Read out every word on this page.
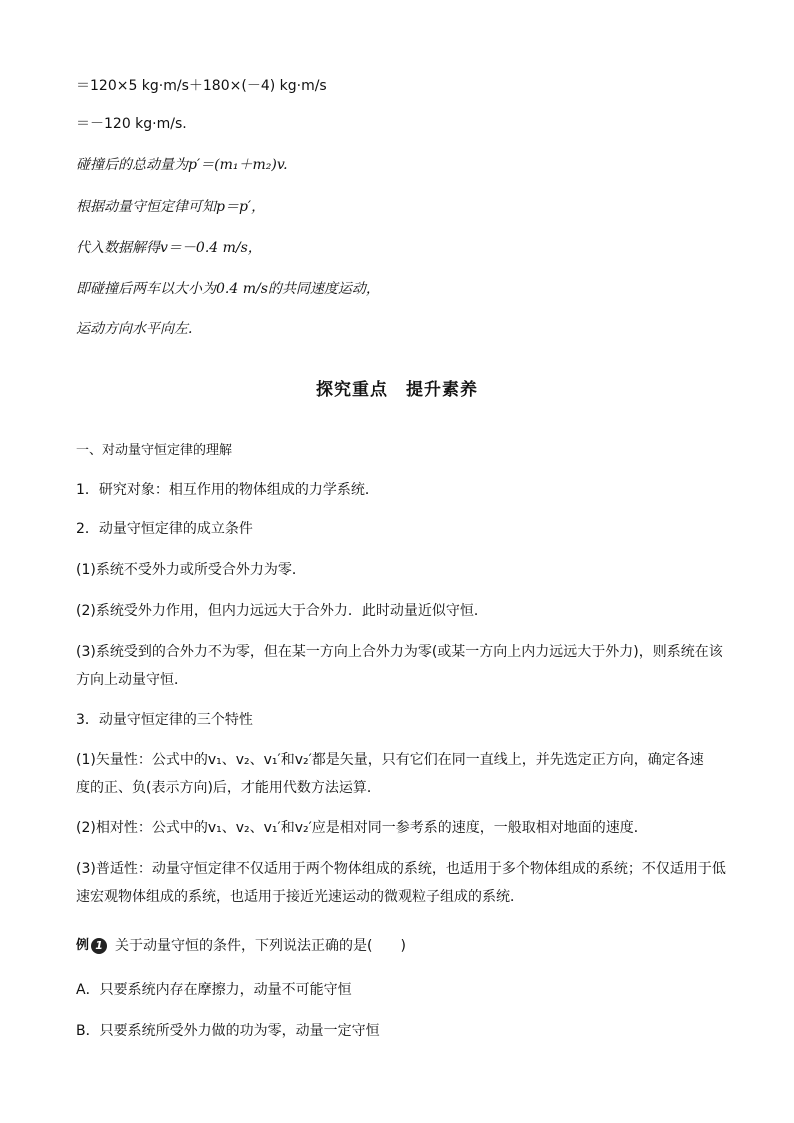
＝120×5 kg·m/s＋180×(－4) kg·m/s
＝－120 kg·m/s.
碰撞后的总动量为p′＝(m₁＋m₂)v.
根据动量守恒定律可知p＝p′，
代入数据解得v＝－0.4 m/s，
即碰撞后两车以大小为0.4 m/s的共同速度运动，
运动方向水平向左.
探究重点　提升素养
一、对动量守恒定律的理解
1．研究对象：相互作用的物体组成的力学系统．
2．动量守恒定律的成立条件
(1)系统不受外力或所受合外力为零．
(2)系统受外力作用，但内力远远大于合外力．此时动量近似守恒．
(3)系统受到的合外力不为零，但在某一方向上合外力为零(或某一方向上内力远远大于外力)，则系统在该
方向上动量守恒．
3．动量守恒定律的三个特性
(1)矢量性：公式中的v₁、v₂、v₁′和v₂′都是矢量，只有它们在同一直线上，并先选定正方向，确定各速
度的正、负(表示方向)后，才能用代数方法运算．
(2)相对性：公式中的v₁、v₂、v₁′和v₂′应是相对同一参考系的速度，一般取相对地面的速度．
(3)普适性：动量守恒定律不仅适用于两个物体组成的系统，也适用于多个物体组成的系统；不仅适用于低
速宏观物体组成的系统，也适用于接近光速运动的微观粒子组成的系统．
例 1 关于动量守恒的条件，下列说法正确的是(　　)
A．只要系统内存在摩擦力，动量不可能守恒
B．只要系统所受外力做的功为零，动量一定守恒
